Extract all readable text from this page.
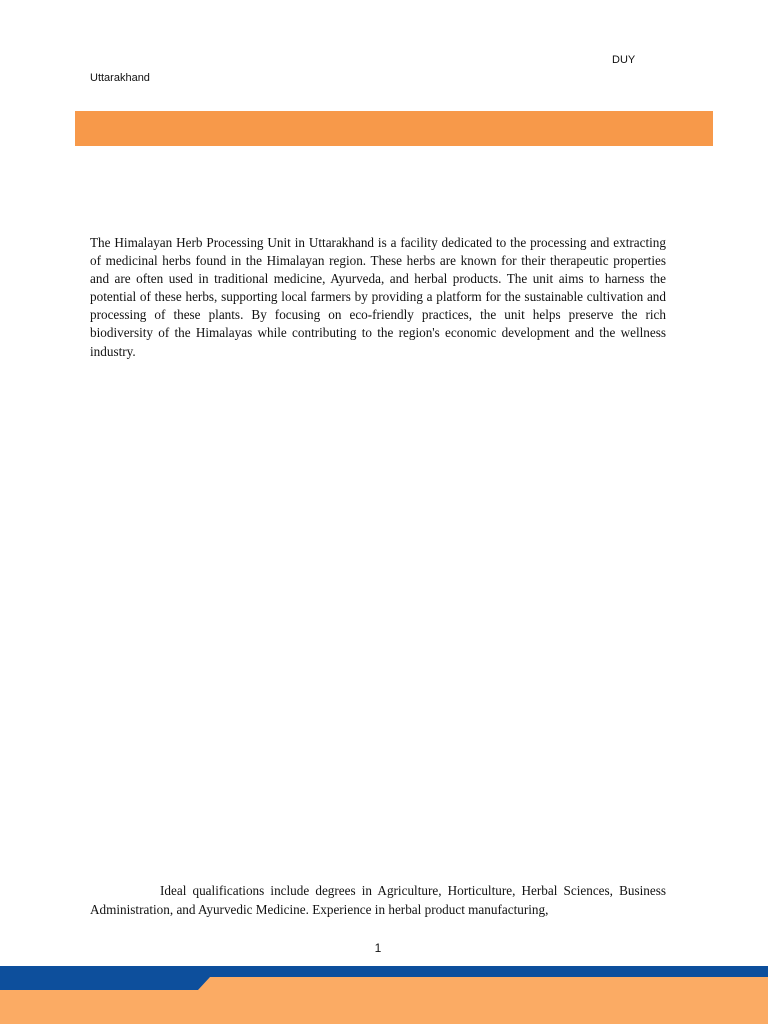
DUY
Uttarakhand

The Himalayan Herb Processing Unit in Uttarakhand is a facility dedicated to the processing and extracting of medicinal herbs found in the Himalayan region. These herbs are known for their therapeutic properties and are often used in traditional medicine, Ayurveda, and herbal products. The unit aims to harness the potential of these herbs, supporting local farmers by providing a platform for the sustainable cultivation and processing of these plants. By focusing on eco-friendly practices, the unit helps preserve the rich biodiversity of the Himalayas while contributing to the region's economic development and the wellness industry.

Ideal qualifications include degrees in Agriculture, Horticulture, Herbal Sciences, Business Administration, and Ayurvedic Medicine. Experience in herbal product manufacturing,

1
